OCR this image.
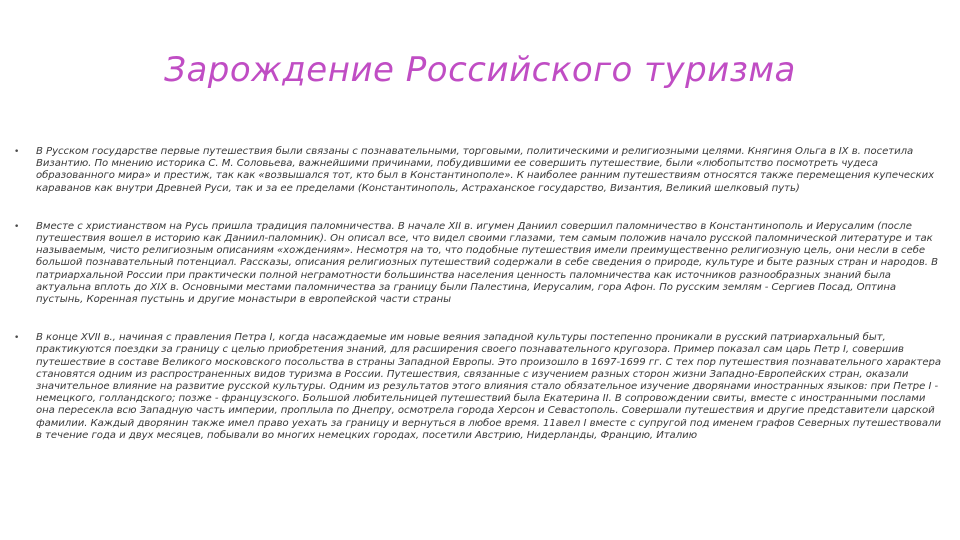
Зарождение Российского туризма
• В Русском государстве первые путешествия были связаны с познавательными, торговыми, политическими и религиозными целями. Княгиня Ольга в IX в. посетила Византию. По мнению историка С. М. Соловьева, важнейшими причинами, побудившими ее совершить путешествие, были «любопытство посмотреть чудеса образованного мира» и престиж, так как «возвышался тот, кто был в Константинополе». К наиболее ранним путешествиям относятся также перемещения купеческих караванов как внутри Древней Руси, так и за ее пределами (Константинополь, Астраханское государство, Византия, Великий шелковый путь)

• Вместе с христианством на Русь пришла традиция паломничества. В начале XII в. игумен Даниил совершил паломничество в Константинополь и Иерусалим (после путешествия вошел в историю как Даниил-паломник). Он описал все, что видел своими глазами, тем самым положив начало русской паломнической литературе и так называемым, чисто религиозным описаниям «хождениям». Несмотря на то, что подобные путешествия имели преимущественно религиозную цель, они несли в себе большой познавательный потенциал. Рассказы, описания религиозных путешествий содержали в себе сведения о природе, культуре и быте разных стран и народов. В патриархальной России при практически полной неграмотности большинства населения ценность паломничества как источников разнообразных знаний была актуальна вплоть до XIX в. Основными местами паломничества за границу были Палестина, Иерусалим, гора Афон. По русским землям - Сергиев Посад, Оптина пустынь, Коренная пустынь и другие монастыри в европейской части страны

• В конце XVII в., начиная с правления Петра I, когда насаждаемые им новые веяния западной культуры постепенно проникали в русский патриархальный быт, практикуются поездки за границу с целью приобретения знаний, для расширения своего познавательного кругозора. Пример показал сам царь Петр I, совершив путешествие в составе Великого московского посольства в страны Западной Европы. Это произошло в 1697-1699 гг. С тех пор путешествия познавательного характера становятся одним из распространенных видов туризма в России. Путешествия, связанные с изучением разных сторон жизни Западно-Европейских стран, оказали значительное влияние на развитие русской культуры. Одним из результатов этого влияния стало обязательное изучение дворянами иностранных языков: при Петре I - немецкого, голландского; позже - французского. Большой любительницей путешествий была Екатерина II. В сопровождении свиты, вместе с иностранными послами она пересекла всю Западную часть империи, проплыла по Днепру, осмотрела города Херсон и Севастополь. Совершали путешествия и другие представители царской фамилии. Каждый дворянин также имел право уехать за границу и вернуться в любое время. 11авел I вместе с супругой под именем графов Северных путешествовали в течение года и двух месяцев, побывали во многих немецких городах, посетили Австрию, Нидерланды, Францию, Италию
